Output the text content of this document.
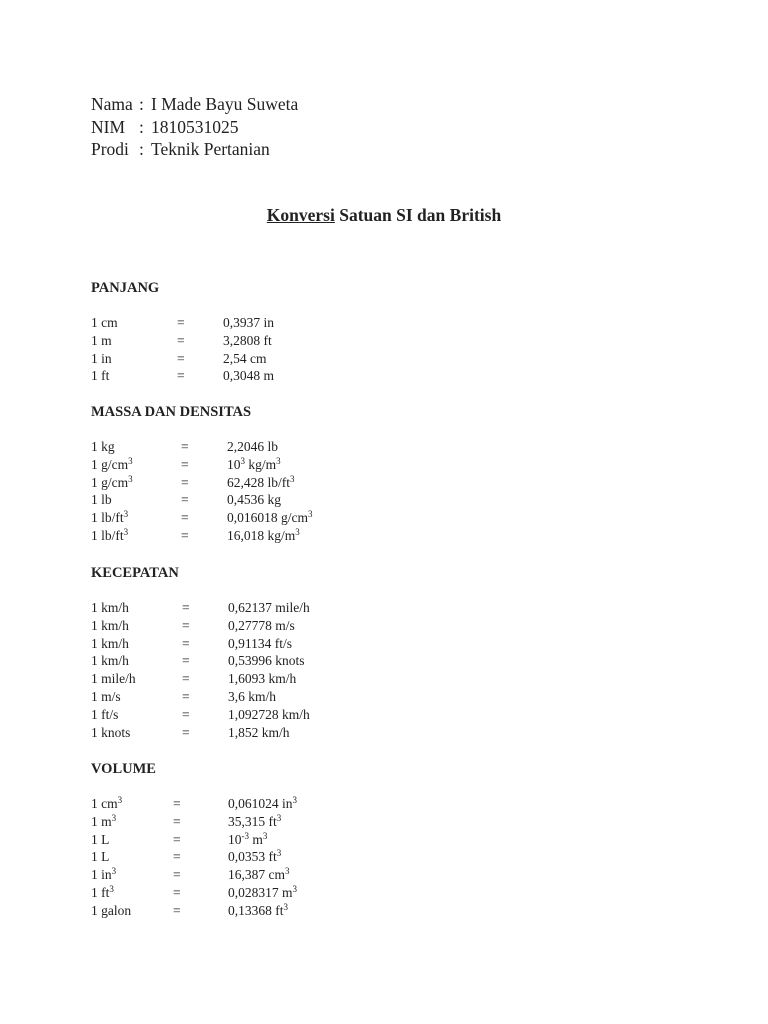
Nama : I Made Bayu Suweta
NIM : 1810531025
Prodi : Teknik Pertanian
Konversi Satuan SI dan British
PANJANG
1 cm	=	0,3937 in
1 m	=	3,2808 ft
1 in	=	2,54 cm
1 ft	=	0,3048 m
MASSA DAN DENSITAS
1 kg	=	2,2046 lb
1 $g/cm^3$	=	$10^3$ $kg/m^3$
1 $g/cm^3$	=	62,428 $lb/ft^3$
1 lb	=	0,4536 kg
1 $lb/ft^3$	=	0,016018 $g/cm^3$
1 $lb/ft^3$	=	16,018 $kg/m^3$
KECEPATAN
1 km/h	=	0,62137 mile/h
1 km/h	=	0,27778 m/s
1 km/h	=	0,91134 ft/s
1 km/h	=	0,53996 knots
1 mile/h	=	1,6093 km/h
1 m/s	=	3,6 km/h
1 ft/s	=	1,092728 km/h
1 knots	=	1,852 km/h
VOLUME
1 $cm^3$	=	0,061024 $in^3$
1 $m^3$	=	35,315 $ft^3$
1 L	=	$10^{-3}$ $m^3$
1 L	=	0,0353 $ft^3$
1 $in^3$	=	16,387 $cm^3$
1 $ft^3$	=	0,028317 $m^3$
1 galon	=	0,13368 $ft^3$
